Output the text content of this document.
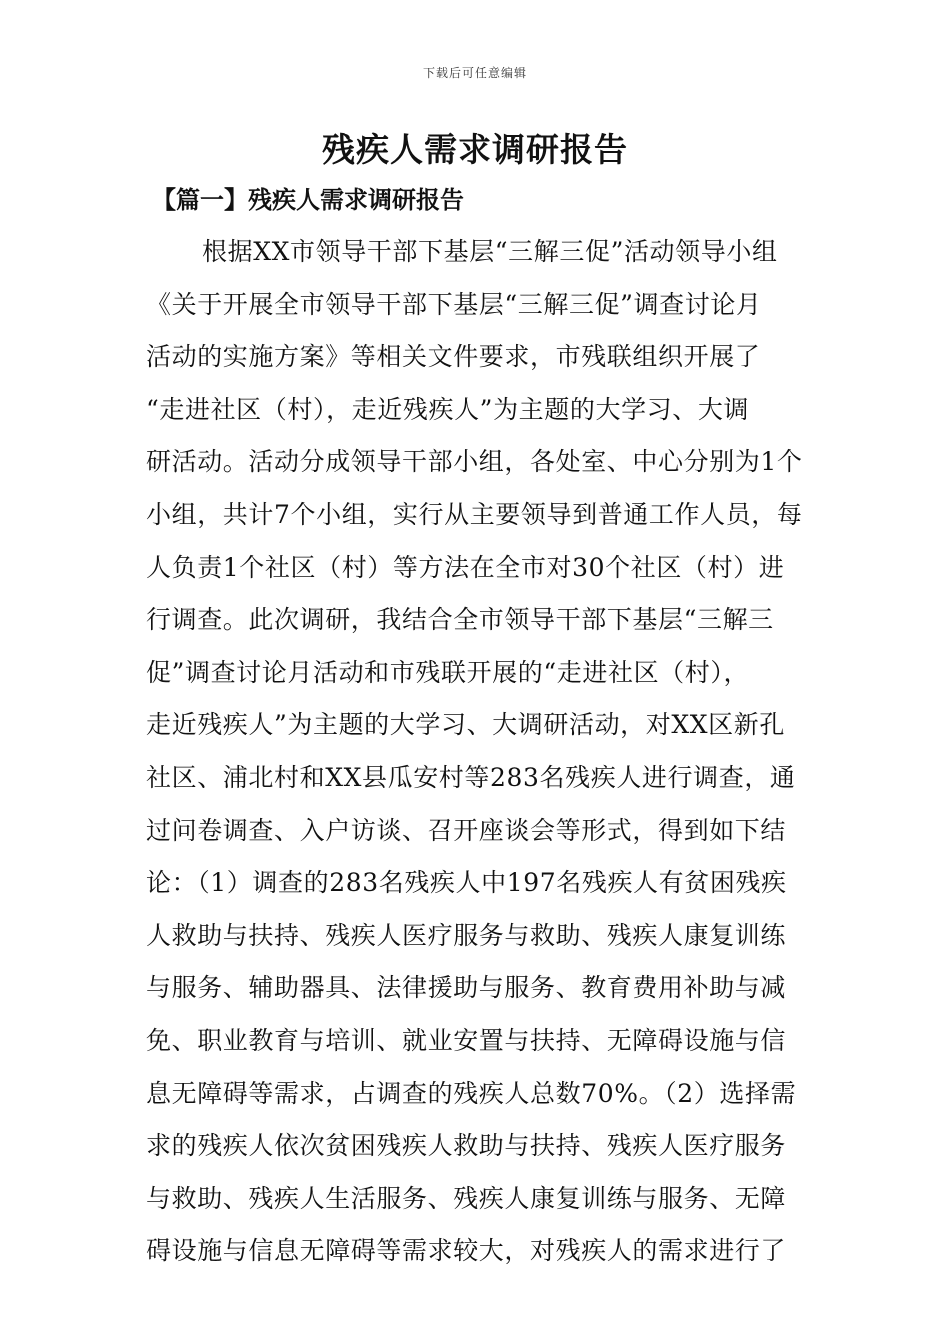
下载后可任意编辑
残疾人需求调研报告
【篇一】残疾人需求调研报告
根据XX市领导干部下基层“三解三促”活动领导小组
《关于开展全市领导干部下基层“三解三促”调查讨论月
活动的实施方案》等相关文件要求，市残联组织开展了
“走进社区（村），走近残疾人”为主题的大学习、大调
研活动。活动分成领导干部小组，各处室、中心分别为1个
小组，共计7个小组，实行从主要领导到普通工作人员，每
人负责1个社区（村）等方法在全市对30个社区（村）进
行调查。此次调研，我结合全市领导干部下基层“三解三
促”调查讨论月活动和市残联开展的“走进社区（村），
走近残疾人”为主题的大学习、大调研活动，对XX区新孔
社区、浦北村和XX县瓜安村等283名残疾人进行调查，通
过问卷调查、入户访谈、召开座谈会等形式，得到如下结
论：（1）调查的283名残疾人中197名残疾人有贫困残疾
人救助与扶持、残疾人医疗服务与救助、残疾人康复训练
与服务、辅助器具、法律援助与服务、教育费用补助与减
免、职业教育与培训、就业安置与扶持、无障碍设施与信
息无障碍等需求，占调查的残疾人总数70%。（2）选择需
求的残疾人依次贫困残疾人救助与扶持、残疾人医疗服务
与救助、残疾人生活服务、残疾人康复训练与服务、无障
碍设施与信息无障碍等需求较大，对残疾人的需求进行了
